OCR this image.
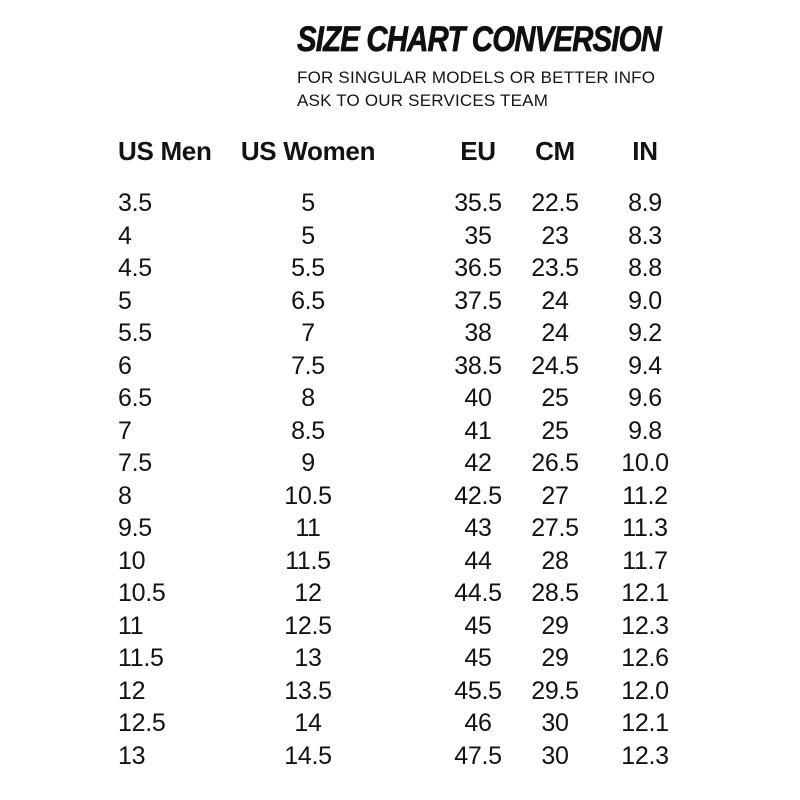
SIZE CHART CONVERSION
FOR SINGULAR MODELS OR BETTER INFO
ASK TO OUR SERVICES TEAM
US Men	US Women	EU	CM	IN
3.5	5	35.5	22.5	8.9
4	5	35	23	8.3
4.5	5.5	36.5	23.5	8.8
5	6.5	37.5	24	9.0
5.5	7	38	24	9.2
6	7.5	38.5	24.5	9.4
6.5	8	40	25	9.6
7	8.5	41	25	9.8
7.5	9	42	26.5	10.0
8	10.5	42.5	27	11.2
9.5	11	43	27.5	11.3
10	11.5	44	28	11.7
10.5	12	44.5	28.5	12.1
11	12.5	45	29	12.3
11.5	13	45	29	12.6
12	13.5	45.5	29.5	12.0
12.5	14	46	30	12.1
13	14.5	47.5	30	12.3
